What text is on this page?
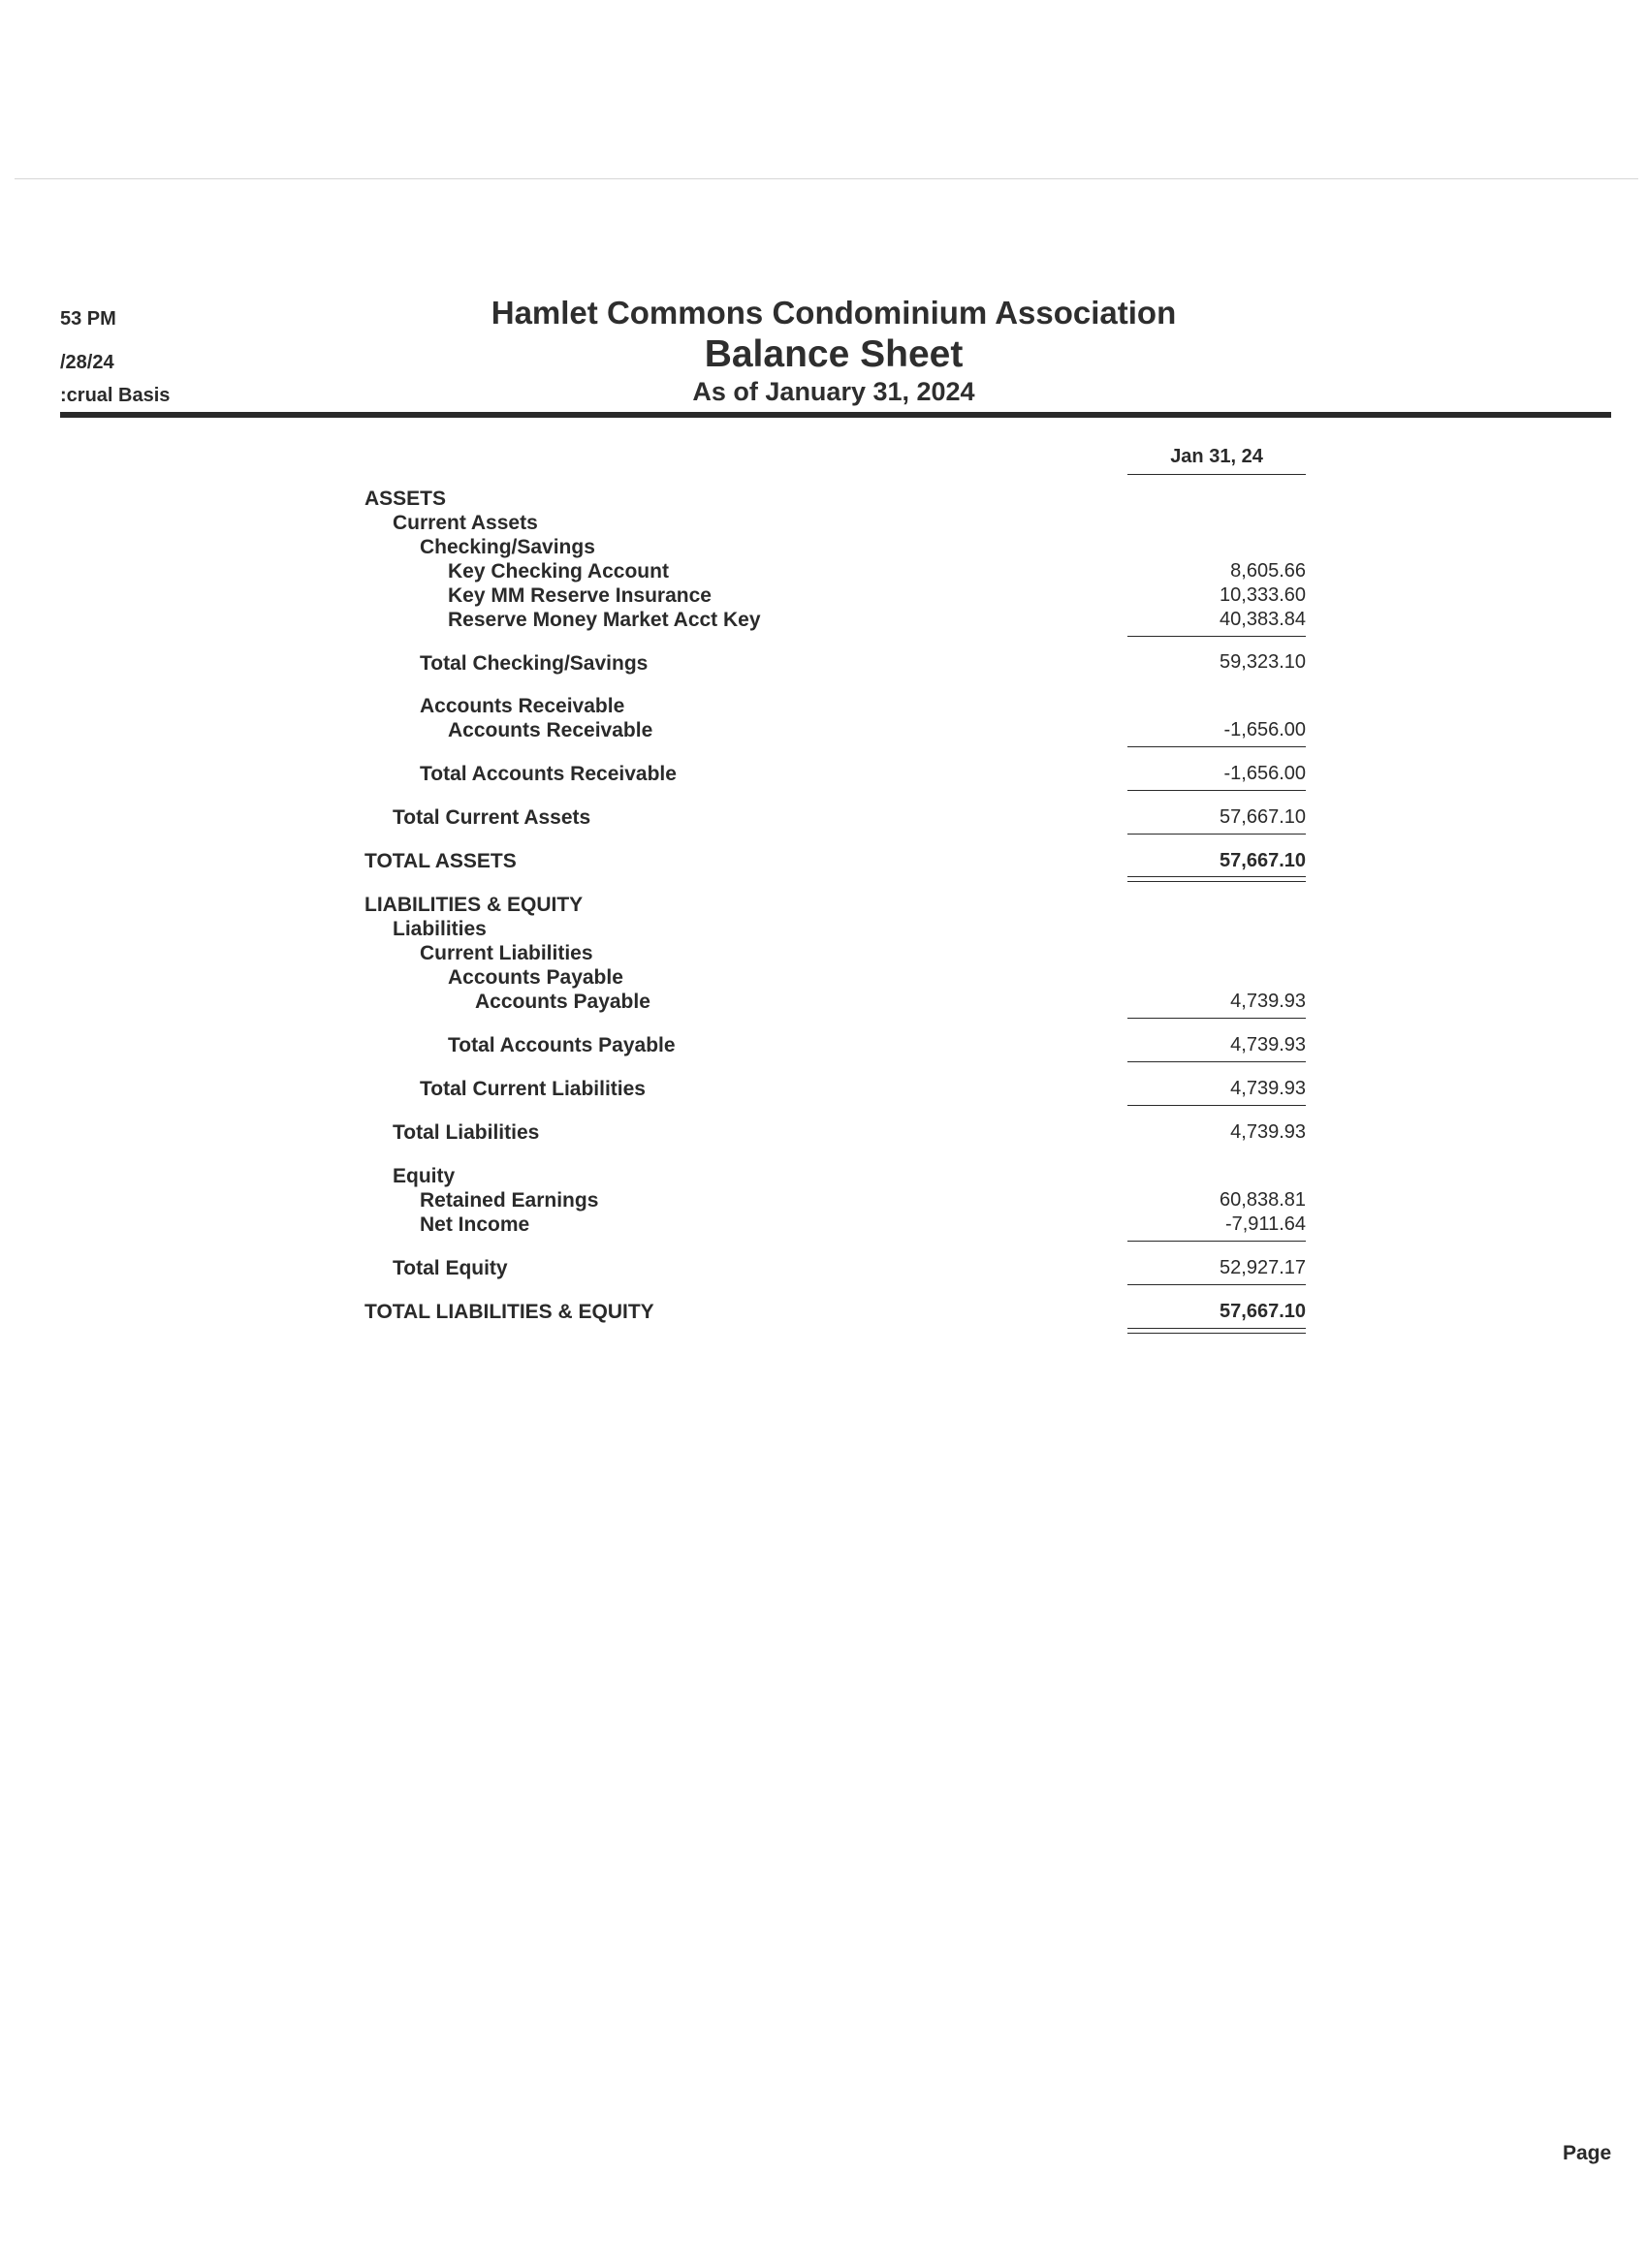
53 PM
/28/24
:crual Basis
Hamlet Commons Condominium Association
Balance Sheet
As of January 31, 2024
Jan 31, 24
ASSETS
Current Assets
Checking/Savings
Key Checking Account	8,605.66
Key MM Reserve Insurance	10,333.60
Reserve Money Market Acct Key	40,383.84
Total Checking/Savings	59,323.10
Accounts Receivable
Accounts Receivable	-1,656.00
Total Accounts Receivable	-1,656.00
Total Current Assets	57,667.10
TOTAL ASSETS	57,667.10
LIABILITIES & EQUITY
Liabilities
Current Liabilities
Accounts Payable
Accounts Payable	4,739.93
Total Accounts Payable	4,739.93
Total Current Liabilities	4,739.93
Total Liabilities	4,739.93
Equity
Retained Earnings	60,838.81
Net Income	-7,911.64
Total Equity	52,927.17
TOTAL LIABILITIES & EQUITY	57,667.10
Page
